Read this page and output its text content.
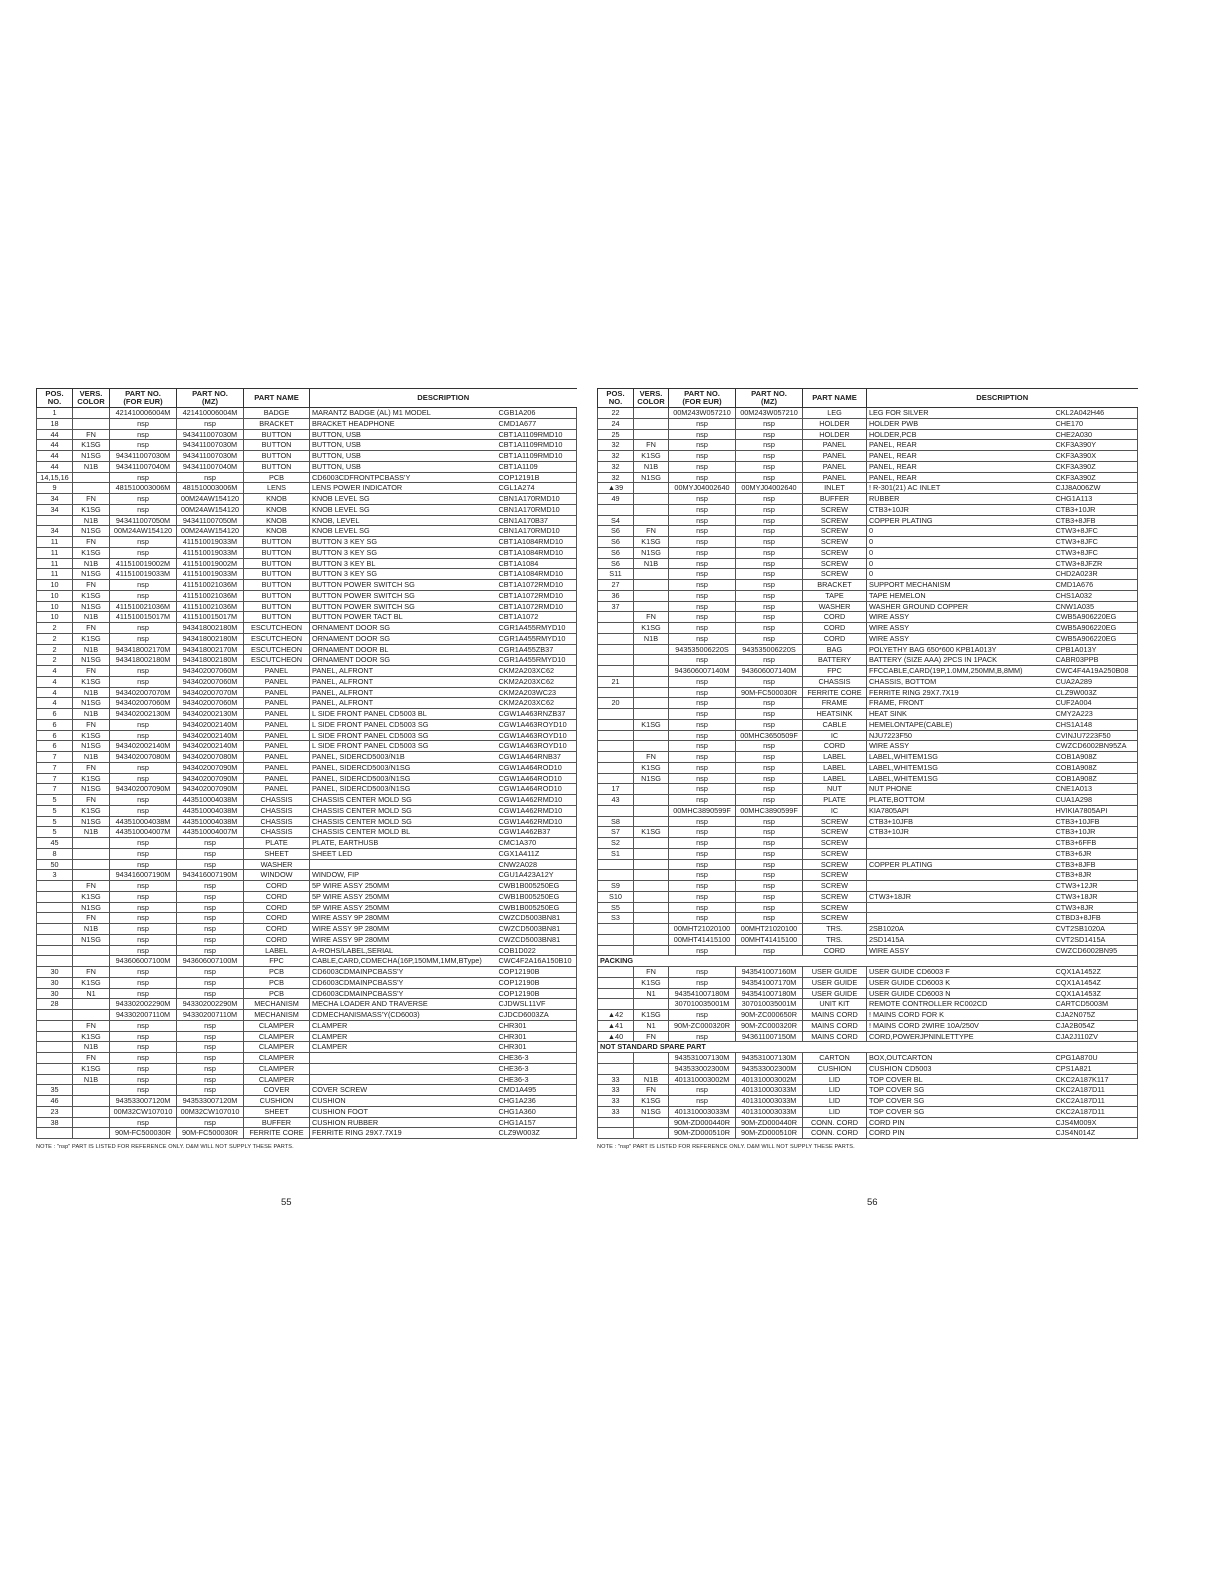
POS.
NO.	VERS.
COLOR	PART NO.
(FOR EUR)	PART NO.
(MZ)	PART NAME	DESCRIPTION	
1		421410006004M	421410006004M	BADGE	MARANTZ BADGE (AL) M1 MODEL	CGB1A206
18		nsp	nsp	BRACKET	BRACKET HEADPHONE	CMD1A677
44	FN	nsp	943411007030M	BUTTON	BUTTON, USB	CBT1A1109RMD10
44	K1SG	nsp	943411007030M	BUTTON	BUTTON, USB	CBT1A1109RMD10
44	N1SG	943411007030M	943411007030M	BUTTON	BUTTON, USB	CBT1A1109RMD10
44	N1B	943411007040M	943411007040M	BUTTON	BUTTON, USB	CBT1A1109
14,15,16		nsp	nsp	PCB	CD6003CDFRONTPCBASS'Y	COP12191B
9		481510003006M	481510003006M	LENS	LENS POWER INDICATOR	CGL1A274
34	FN	nsp	00M24AW154120	KNOB	KNOB LEVEL SG	CBN1A170RMD10
34	K1SG	nsp	00M24AW154120	KNOB	KNOB LEVEL SG	CBN1A170RMD10
	N1B	943411007050M	943411007050M	KNOB	KNOB, LEVEL	CBN1A170B37
34	N1SG	00M24AW154120	00M24AW154120	KNOB	KNOB LEVEL SG	CBN1A170RMD10
11	FN	nsp	411510019033M	BUTTON	BUTTON 3 KEY SG	CBT1A1084RMD10
11	K1SG	nsp	411510019033M	BUTTON	BUTTON 3 KEY SG	CBT1A1084RMD10
11	N1B	411510019002M	411510019002M	BUTTON	BUTTON 3 KEY BL	CBT1A1084
11	N1SG	411510019033M	411510019033M	BUTTON	BUTTON 3 KEY SG	CBT1A1084RMD10
10	FN	nsp	411510021036M	BUTTON	BUTTON POWER SWITCH SG	CBT1A1072RMD10
10	K1SG	nsp	411510021036M	BUTTON	BUTTON POWER SWITCH SG	CBT1A1072RMD10
10	N1SG	411510021036M	411510021036M	BUTTON	BUTTON POWER SWITCH SG	CBT1A1072RMD10
10	N1B	411510015017M	411510015017M	BUTTON	BUTTON POWER TACT BL	CBT1A1072
2	FN	nsp	943418002180M	ESCUTCHEON	ORNAMENT DOOR SG	CGR1A455RMYD10
2	K1SG	nsp	943418002180M	ESCUTCHEON	ORNAMENT DOOR SG	CGR1A455RMYD10
2	N1B	943418002170M	943418002170M	ESCUTCHEON	ORNAMENT DOOR BL	CGR1A455ZB37
2	N1SG	943418002180M	943418002180M	ESCUTCHEON	ORNAMENT DOOR SG	CGR1A455RMYD10
4	FN	nsp	943402007060M	PANEL	PANEL, ALFRONT	CKM2A203XC62
4	K1SG	nsp	943402007060M	PANEL	PANEL, ALFRONT	CKM2A203XC62
4	N1B	943402007070M	943402007070M	PANEL	PANEL, ALFRONT	CKM2A203WC23
4	N1SG	943402007060M	943402007060M	PANEL	PANEL, ALFRONT	CKM2A203XC62
6	N1B	943402002130M	943402002130M	PANEL	L SIDE FRONT PANEL CD5003 BL	CGW1A463RNZB37
6	FN	nsp	943402002140M	PANEL	L SIDE FRONT PANEL CD5003 SG	CGW1A463ROYD10
6	K1SG	nsp	943402002140M	PANEL	L SIDE FRONT PANEL CD5003 SG	CGW1A463ROYD10
6	N1SG	943402002140M	943402002140M	PANEL	L SIDE FRONT PANEL CD5003 SG	CGW1A463ROYD10
7	N1B	943402007080M	943402007080M	PANEL	PANEL, SIDERCD5003/N1B	CGW1A464RNB37
7	FN	nsp	943402007090M	PANEL	PANEL, SIDERCD5003/N1SG	CGW1A464ROD10
7	K1SG	nsp	943402007090M	PANEL	PANEL, SIDERCD5003/N1SG	CGW1A464ROD10
7	N1SG	943402007090M	943402007090M	PANEL	PANEL, SIDERCD5003/N1SG	CGW1A464ROD10
5	FN	nsp	443510004038M	CHASSIS	CHASSIS CENTER MOLD SG	CGW1A462RMD10
5	K1SG	nsp	443510004038M	CHASSIS	CHASSIS CENTER MOLD SG	CGW1A462RMD10
5	N1SG	443510004038M	443510004038M	CHASSIS	CHASSIS CENTER MOLD SG	CGW1A462RMD10
5	N1B	443510004007M	443510004007M	CHASSIS	CHASSIS CENTER MOLD BL	CGW1A462B37
45		nsp	nsp	PLATE	PLATE, EARTHUSB	CMC1A370
8		nsp	nsp	SHEET	SHEET LED	CGX1A411Z
50		nsp	nsp	WASHER		CNW2A028
3		943416007190M	943416007190M	WINDOW	WINDOW, FIP	CGU1A423A12Y
	FN	nsp	nsp	CORD	5P WIRE ASSY 250MM	CWB1B005250EG
	K1SG	nsp	nsp	CORD	5P WIRE ASSY 250MM	CWB1B005250EG
	N1SG	nsp	nsp	CORD	5P WIRE ASSY 250MM	CWB1B005250EG
	FN	nsp	nsp	CORD	WIRE ASSY 9P 280MM	CWZCD5003BN81
	N1B	nsp	nsp	CORD	WIRE ASSY 9P 280MM	CWZCD5003BN81
	N1SG	nsp	nsp	CORD	WIRE ASSY 9P 280MM	CWZCD5003BN81
		nsp	nsp	LABEL	A-ROHS/LABEL,SERIAL	COB1D022
		943606007100M	943606007100M	FPC	CABLE,CARD,CDMECHA(16P,150MM,1MM,BType)	CWC4F2A16A150B10
30	FN	nsp	nsp	PCB	CD6003CDMAINPCBASS'Y	COP12190B
30	K1SG	nsp	nsp	PCB	CD6003CDMAINPCBASS'Y	COP12190B
30	N1	nsp	nsp	PCB	CD6003CDMAINPCBASS'Y	COP12190B
28		943302002290M	943302002290M	MECHANISM	MECHA LOADER AND TRAVERSE	CJDWSL11VF
		943302007110M	943302007110M	MECHANISM	CDMECHANISMASS'Y(CD6003)	CJDCD6003ZA
	FN	nsp	nsp	CLAMPER	CLAMPER	CHR301
	K1SG	nsp	nsp	CLAMPER	CLAMPER	CHR301
	N1B	nsp	nsp	CLAMPER	CLAMPER	CHR301
	FN	nsp	nsp	CLAMPER		CHE36-3
	K1SG	nsp	nsp	CLAMPER		CHE36-3
	N1B	nsp	nsp	CLAMPER		CHE36-3
35		nsp	nsp	COVER	COVER SCREW	CMD1A495
46		943533007120M	943533007120M	CUSHION	CUSHION	CHG1A236
23		00M32CW107010	00M32CW107010	SHEET	CUSHION FOOT	CHG1A360
38		nsp	nsp	BUFFER	CUSHION RUBBER	CHG1A157
		90M-FC500030R	90M-FC500030R	FERRITE CORE	FERRITE RING 29X7.7X19	CLZ9W003Z
NOTE : "nsp" PART IS LISTED FOR REFERENCE ONLY. D&M WILL NOT SUPPLY THESE PARTS.
POS.
NO.	VERS.
COLOR	PART NO.
(FOR EUR)	PART NO.
(MZ)	PART NAME	DESCRIPTION	
22		00M243W057210	00M243W057210	LEG	LEG FOR SILVER	CKL2A042H46
24		nsp	nsp	HOLDER	HOLDER PWB	CHE170
25		nsp	nsp	HOLDER	HOLDER,PCB	CHE2A030
32	FN	nsp	nsp	PANEL	PANEL, REAR	CKF3A390Y
32	K1SG	nsp	nsp	PANEL	PANEL, REAR	CKF3A390X
32	N1B	nsp	nsp	PANEL	PANEL, REAR	CKF3A390Z
32	N1SG	nsp	nsp	PANEL	PANEL, REAR	CKF3A390Z
▲39		00MYJ04002640	00MYJ04002640	INLET	! R-301(21) AC INLET	CJJ8A006ZW
49		nsp	nsp	BUFFER	RUBBER	CHG1A113
		nsp	nsp	SCREW	CTB3+10JR	CTB3+10JR
S4		nsp	nsp	SCREW	COPPER PLATING	CTB3+8JFB
S6	FN	nsp	nsp	SCREW	0	CTW3+8JFC
S6	K1SG	nsp	nsp	SCREW	0	CTW3+8JFC
S6	N1SG	nsp	nsp	SCREW	0	CTW3+8JFC
S6	N1B	nsp	nsp	SCREW	0	CTW3+8JFZR
S11		nsp	nsp	SCREW	0	CHD2A023R
27		nsp	nsp	BRACKET	SUPPORT MECHANISM	CMD1A676
36		nsp	nsp	TAPE	TAPE HEMELON	CHS1A032
37		nsp	nsp	WASHER	WASHER GROUND COPPER	CNW1A035
	FN	nsp	nsp	CORD	WIRE ASSY	CWB5A906220EG
	K1SG	nsp	nsp	CORD	WIRE ASSY	CWB5A906220EG
	N1B	nsp	nsp	CORD	WIRE ASSY	CWB5A906220EG
		943535006220S	943535006220S	BAG	POLYETHY BAG 650*600 KPB1A013Y	CPB1A013Y
		nsp	nsp	BATTERY	BATTERY (SIZE AAA) 2PCS IN 1PACK	CABR03PPB
		943606007140M	943606007140M	FPC	FFCCABLE,CARD(19P,1.0MM,250MM,B,8MM)	CWC4F4A19A250B08
21		nsp	nsp	CHASSIS	CHASSIS, BOTTOM	CUA2A289
		nsp	90M-FC500030R	FERRITE CORE	FERRITE RING 29X7.7X19	CLZ9W003Z
20		nsp	nsp	FRAME	FRAME, FRONT	CUF2A004
		nsp	nsp	HEATSINK	HEAT SINK	CMY2A223
	K1SG	nsp	nsp	CABLE	HEMELONTAPE(CABLE)	CHS1A148
		nsp	00MHC3650509F	IC	NJU7223F50	CVINJU7223F50
		nsp	nsp	CORD	WIRE ASSY	CWZCD6002BN95ZA
	FN	nsp	nsp	LABEL	LABEL,WHITEM1SG	COB1A908Z
	K1SG	nsp	nsp	LABEL	LABEL,WHITEM1SG	COB1A908Z
	N1SG	nsp	nsp	LABEL	LABEL,WHITEM1SG	COB1A908Z
17		nsp	nsp	NUT	NUT PHONE	CNE1A013
43		nsp	nsp	PLATE	PLATE,BOTTOM	CUA1A298
		00MHC3890599F	00MHC3890599F	IC	KIA7805API	HVIKIA7805API
S8		nsp	nsp	SCREW	CTB3+10JFB	CTB3+10JFB
S7	K1SG	nsp	nsp	SCREW	CTB3+10JR	CTB3+10JR
S2		nsp	nsp	SCREW		CTB3+6FFB
S1		nsp	nsp	SCREW		CTB3+6JR
		nsp	nsp	SCREW	COPPER PLATING	CTB3+8JFB
		nsp	nsp	SCREW		CTB3+8JR
S9		nsp	nsp	SCREW		CTW3+12JR
S10		nsp	nsp	SCREW	CTW3+18JR	CTW3+18JR
S5		nsp	nsp	SCREW		CTW3+8JR
S3		nsp	nsp	SCREW		CTBD3+8JFB
		00MHT21020100	00MHT21020100	TRS.	2SB1020A	CVT2SB1020A
		00MHT41415100	00MHT41415100	TRS.	2SD1415A	CVT2SD1415A
		nsp	nsp	CORD	WIRE ASSY	CWZCD6002BN95
PACKING						
	FN	nsp	943541007160M	USER GUIDE	USER GUIDE CD6003 F	CQX1A1452Z
	K1SG	nsp	943541007170M	USER GUIDE	USER GUIDE CD6003 K	CQX1A1454Z
	N1	943541007180M	943541007180M	USER GUIDE	USER GUIDE CD6003 N	CQX1A1453Z
		307010035001M	307010035001M	UNIT KIT	REMOTE CONTROLLER RC002CD	CARTCD5003M
▲42	K1SG	nsp	90M-ZC000650R	MAINS CORD	! MAINS CORD FOR K	CJA2N075Z
▲41	N1	90M-ZC000320R	90M-ZC000320R	MAINS CORD	! MAINS CORD 2WIRE 10A/250V	CJA2B054Z
▲40	FN	nsp	943611007150M	MAINS CORD	CORD,POWERJPNINLETTYPE	CJA2J110ZV
NOT STANDARD SPARE PART						
		943531007130M	943531007130M	CARTON	BOX,OUTCARTON	CPG1A870U
		943533002300M	943533002300M	CUSHION	CUSHION CD5003	CPS1A821
33	N1B	401310003002M	401310003002M	LID	TOP COVER BL	CKC2A187K117
33	FN	nsp	401310003033M	LID	TOP COVER SG	CKC2A187D11
33	K1SG	nsp	401310003033M	LID	TOP COVER SG	CKC2A187D11
33	N1SG	401310003033M	401310003033M	LID	TOP COVER SG	CKC2A187D11
		90M-ZD000440R	90M-ZD000440R	CONN. CORD	CORD PIN	CJS4M009X
		90M-ZD000510R	90M-ZD000510R	CONN. CORD	CORD PIN	CJS4N014Z
NOTE : "nsp" PART IS LISTED FOR REFERENCE ONLY. D&M WILL NOT SUPPLY THESE PARTS.
55	56
